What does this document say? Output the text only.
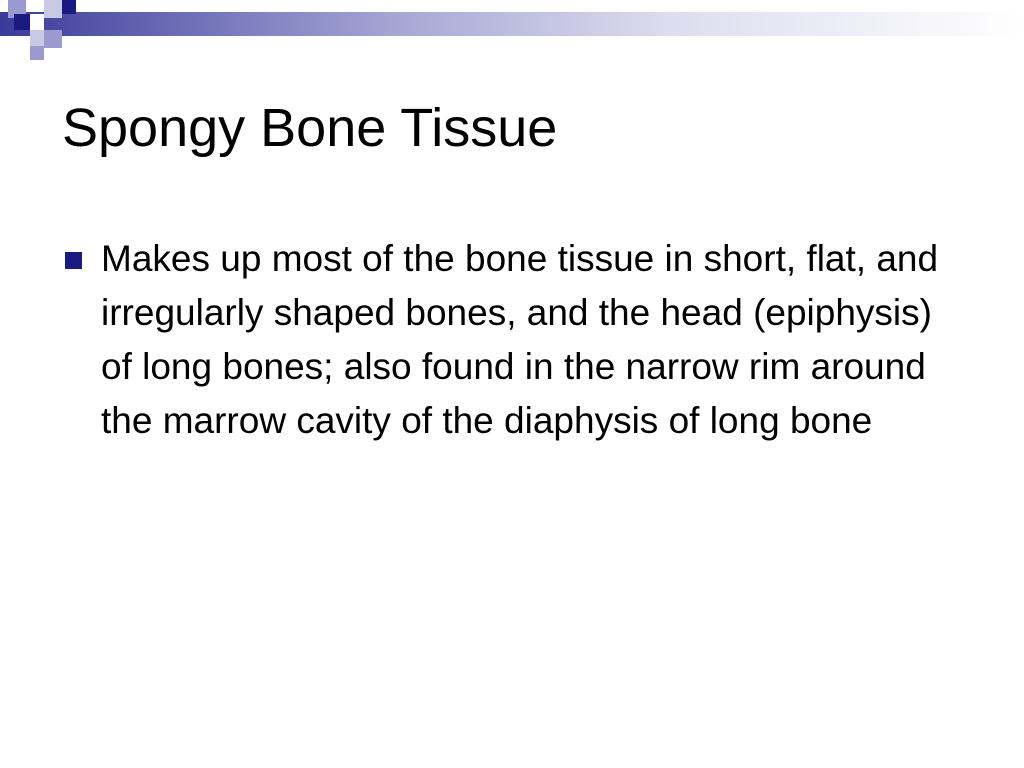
Spongy Bone Tissue
Makes up most of the bone tissue in short, flat, and irregularly shaped bones, and the head (epiphysis) of long bones; also found in the narrow rim around the marrow cavity of the diaphysis of long bone
